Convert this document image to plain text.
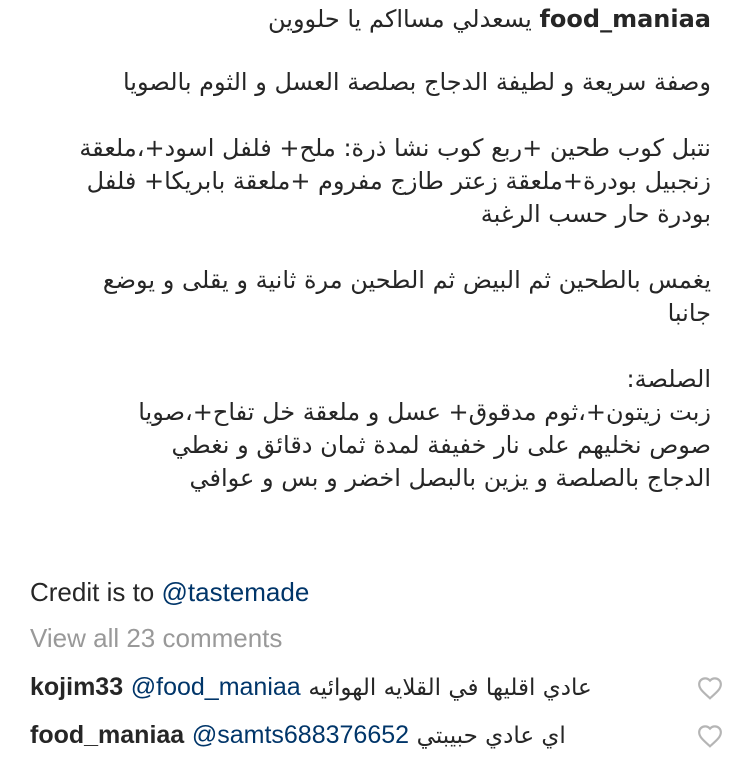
food_maniaa يسعدلي مسااكم يا حلووين
وصفة سريعة و لطيفة الدجاج بصلصة العسل و الثوم بالصويا
نتبل كوب طحين +ربع كوب نشا ذرة: ملح+ فلفل اسود+،ملعقة
زنجبيل بودرة+ملعقة زعتر طازج مفروم +ملعقة بابريكا+ فلفل
بودرة حار حسب الرغبة
يغمس بالطحين ثم البيض ثم الطحين مرة ثانية و يقلى و يوضع
جانبا
الصلصة:
زبت زيتون+،ثوم مدقوق+ عسل و ملعقة خل تفاح+،صويا
صوص نخليهم على نار خفيفة لمدة ثمان دقائق و نغطي
الدجاج بالصلصة و يزين بالبصل اخضر و بس و عوافي
Credit is to @tastemade
View all 23 comments
kojim33 @food_maniaa عادي اقليها في القلايه الهوائيه
food_maniaa @samts688376652 اي عادي حبيبتي
